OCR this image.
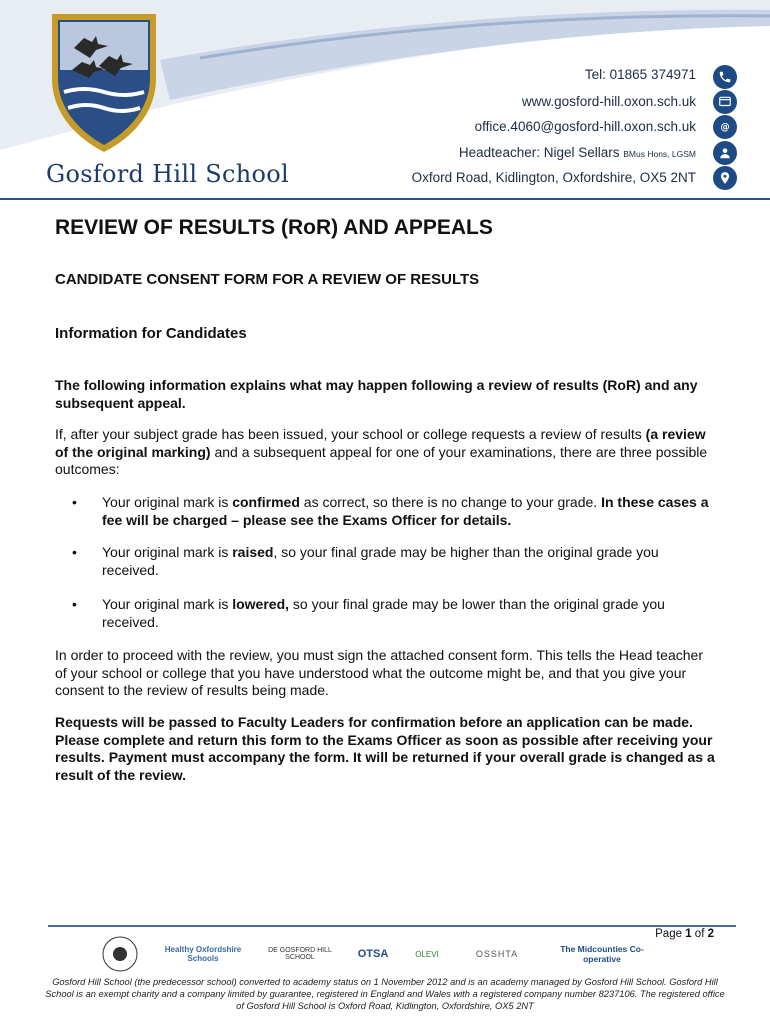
Gosford Hill School
Tel: 01865 374971
www.gosford-hill.oxon.sch.uk
office.4060@gosford-hill.oxon.sch.uk
Headteacher: Nigel Sellars BMus Hons, LGSM
Oxford Road, Kidlington, Oxfordshire, OX5 2NT
@
REVIEW OF RESULTS (RoR) AND APPEALS
CANDIDATE CONSENT FORM FOR A REVIEW OF RESULTS
Information for Candidates

The following information explains what may happen following a review of results (RoR) and any subsequent appeal.

If, after your subject grade has been issued, your school or college requests a review of results (a review of the original marking) and a subsequent appeal for one of your examinations, there are three possible outcomes:

• Your original mark is confirmed as correct, so there is no change to your grade. In these cases a fee will be charged – please see the Exams Officer for details.

• Your original mark is raised, so your final grade may be higher than the original grade you received.

• Your original mark is lowered, so your final grade may be lower than the original grade you received.

In order to proceed with the review, you must sign the attached consent form. This tells the Head teacher of your school or college that you have understood what the outcome might be, and that you give your consent to the review of results being made.

Requests will be passed to Faculty Leaders for confirmation before an application can be made. Please complete and return this form to the Exams Officer as soon as possible after receiving your results. Payment must accompany the form. It will be returned if your overall grade is changed as a result of the review.

Page 1 of 2
Healthy Oxfordshire Schools
DE GOSFORD HILL SCHOOL	OTSA	OLEVI	OSSHTA	The Midcounties Co-operative
Gosford Hill School (the predecessor school) converted to academy status on 1 November 2012 and is an academy managed by Gosford Hill School. Gosford Hill School is an exempt charity and a company limited by guarantee, registered in England and Wales with a registered company number 8237106. The registered office of Gosford Hill School is Oxford Road, Kidlington, Oxfordshire, OX5 2NT
